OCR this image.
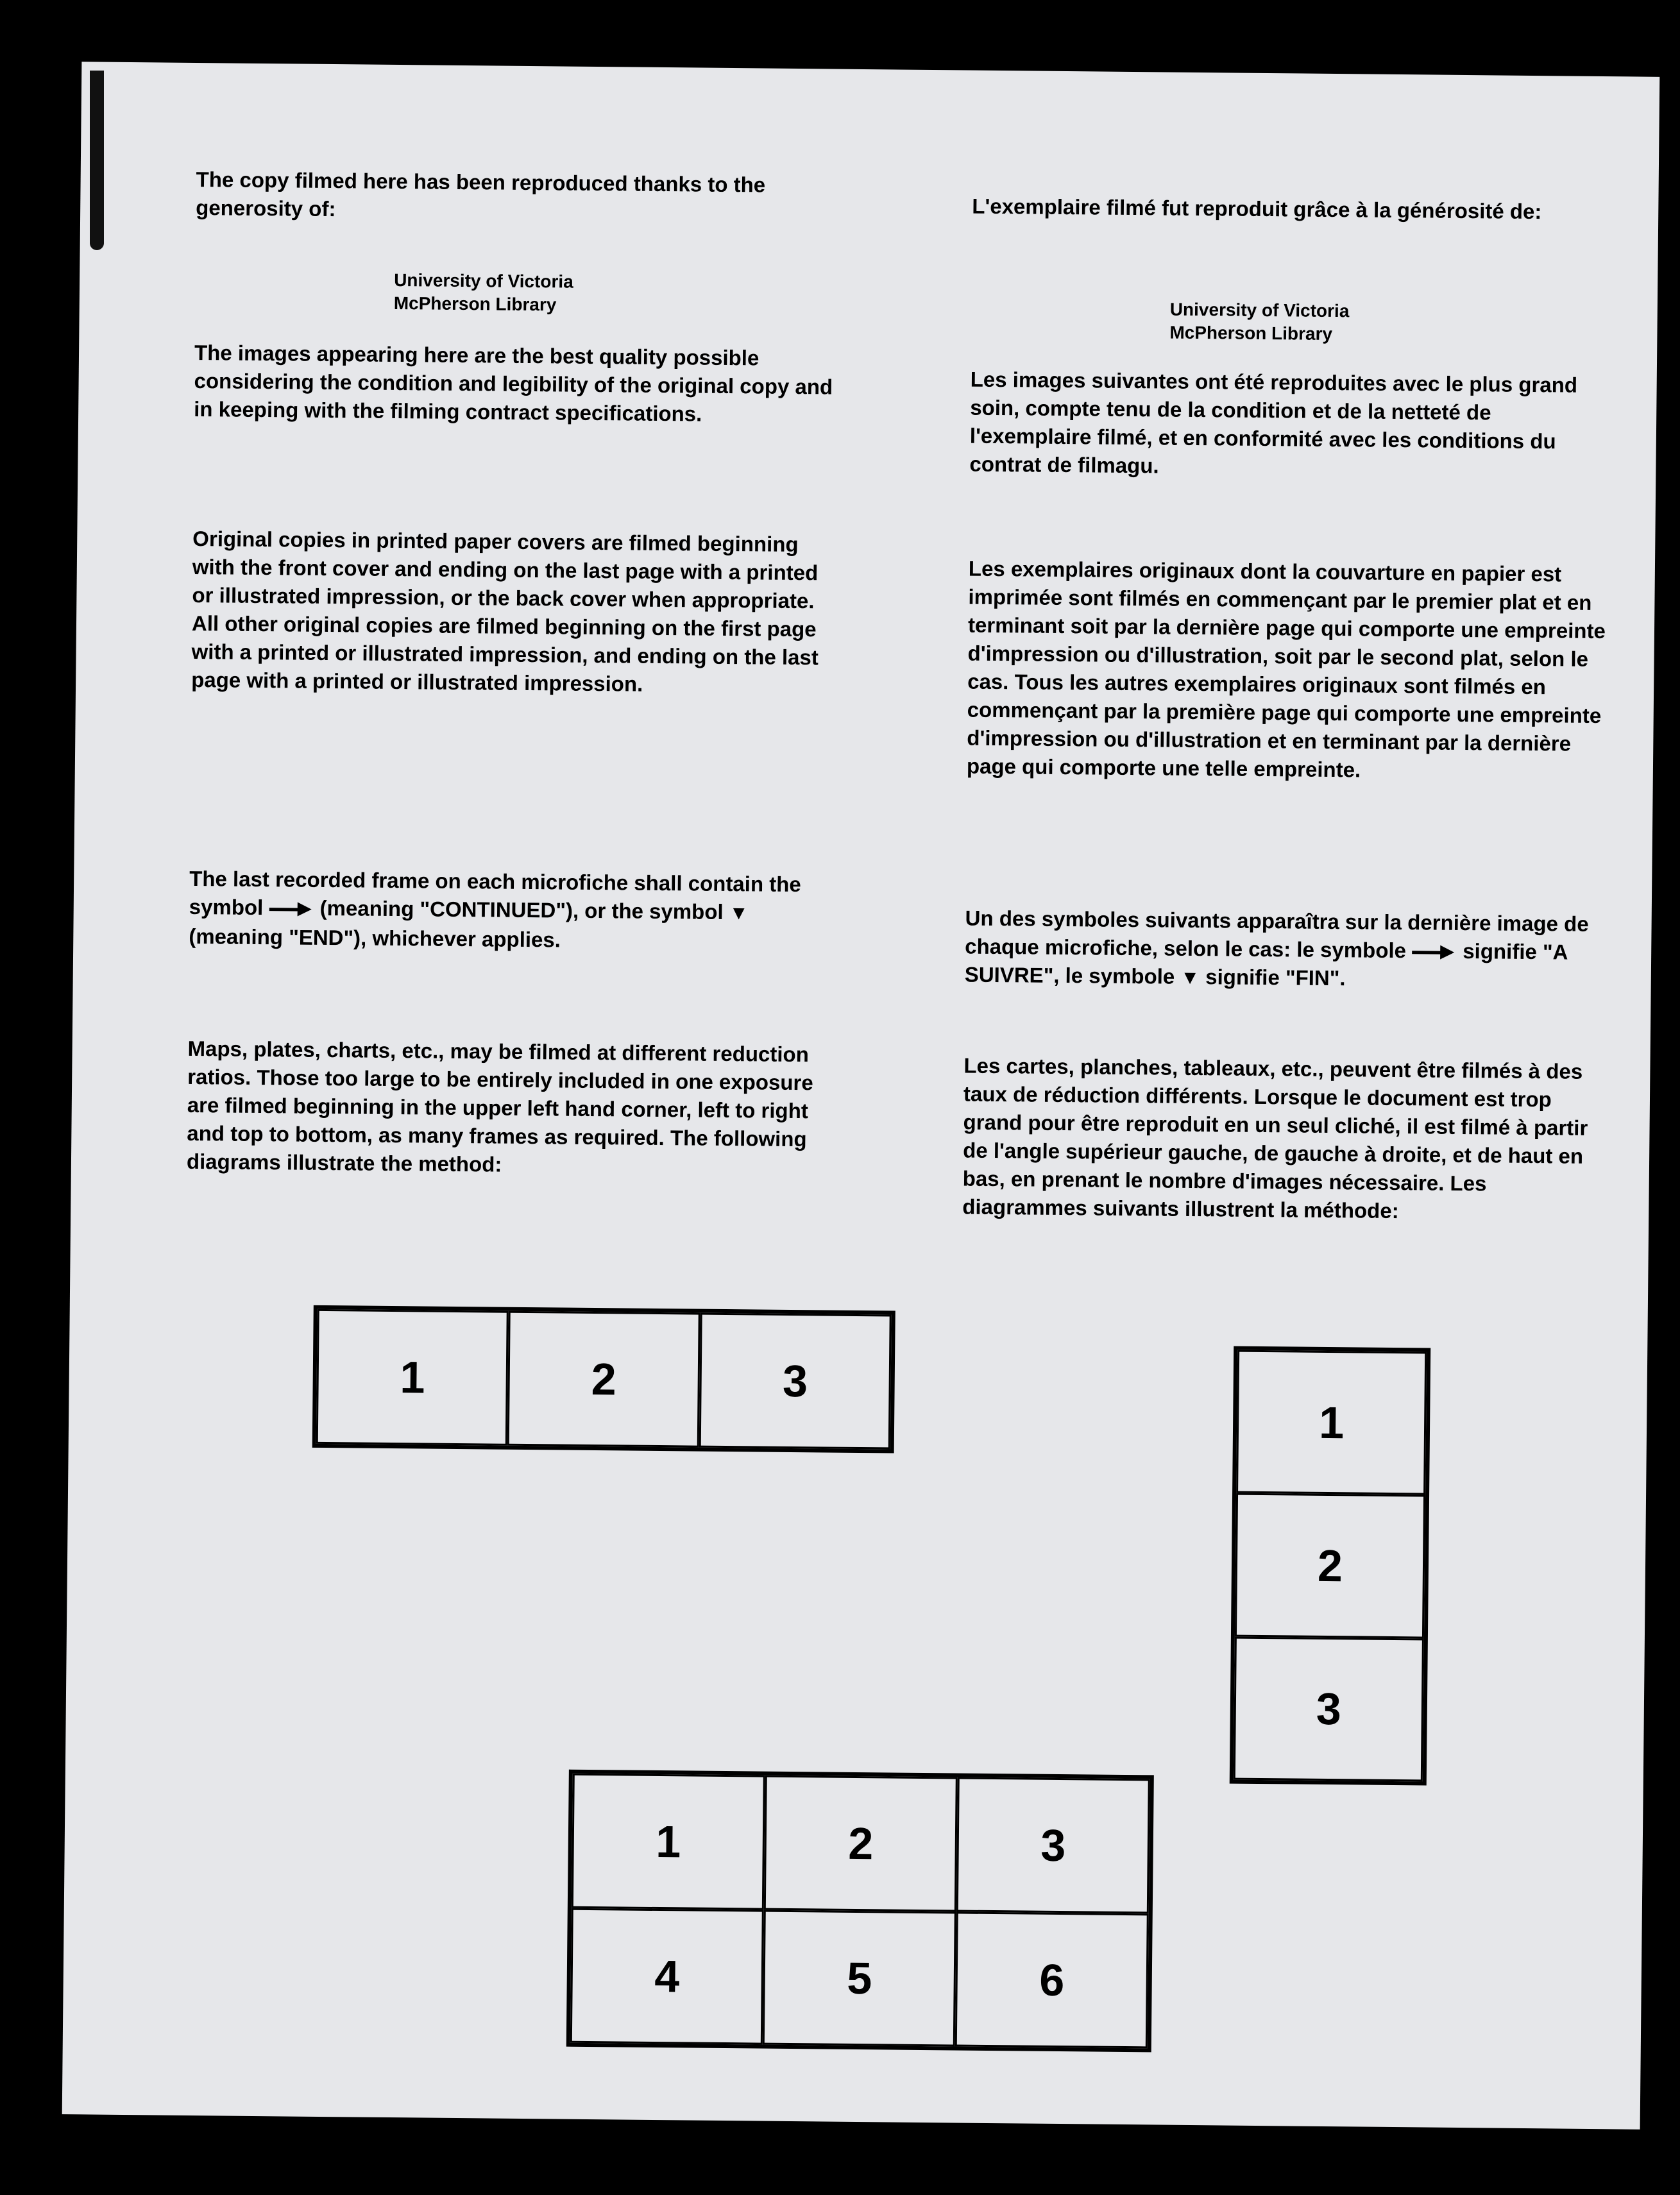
The copy filmed here has been reproduced thanks to the generosity of:

University of Victoria

McPherson Library

The images appearing here are the best quality possible considering the condition and legibility of the original copy and in keeping with the filming contract specifications.

Original copies in printed paper covers are filmed beginning with the front cover and ending on the last page with a printed or illustrated impression, or the back cover when appropriate. All other original copies are filmed beginning on the first page with a printed or illustrated impression, and ending on the last page with a printed or illustrated impression.

The last recorded frame on each microfiche shall contain the symbol	(meaning "CONTINUED"), or the symbol ▼ (meaning "END"), whichever applies.

Maps, plates, charts, etc., may be filmed at different reduction ratios. Those too large to be entirely included in one exposure are filmed beginning in the upper left hand corner, left to right and top to bottom, as many frames as required. The following diagrams illustrate the method:

L'exemplaire filmé fut reproduit grâce à la générosité de:

University of Victoria

McPherson Library

Les images suivantes ont été reproduites avec le plus grand soin, compte tenu de la condition et de la netteté de l'exemplaire filmé, et en conformité avec les conditions du contrat de filmagu.

Les exemplaires originaux dont la couvarture en papier est imprimée sont filmés en commençant par le premier plat et en terminant soit par la dernière page qui comporte une empreinte d'impression ou d'illustration, soit par le second plat, selon le cas. Tous les autres exemplaires originaux sont filmés en commençant par la première page qui comporte une empreinte d'impression ou d'illustration et en terminant par la dernière page qui comporte une telle empreinte.

Un des symboles suivants apparaîtra sur la dernière image de chaque microfiche, selon le cas: le symbole	signifie "A SUIVRE", le symbole ▼ signifie "FIN".

Les cartes, planches, tableaux, etc., peuvent être filmés à des taux de réduction différents. Lorsque le document est trop grand pour être reproduit en un seul cliché, il est filmé à partir de l'angle supérieur gauche, de gauche à droite, et de haut en bas, en prenant le nombre d'images nécessaire. Les diagrammes suivants illustrent la méthode:

1	2	3
1
2
3
1	2	3
4	5	6
